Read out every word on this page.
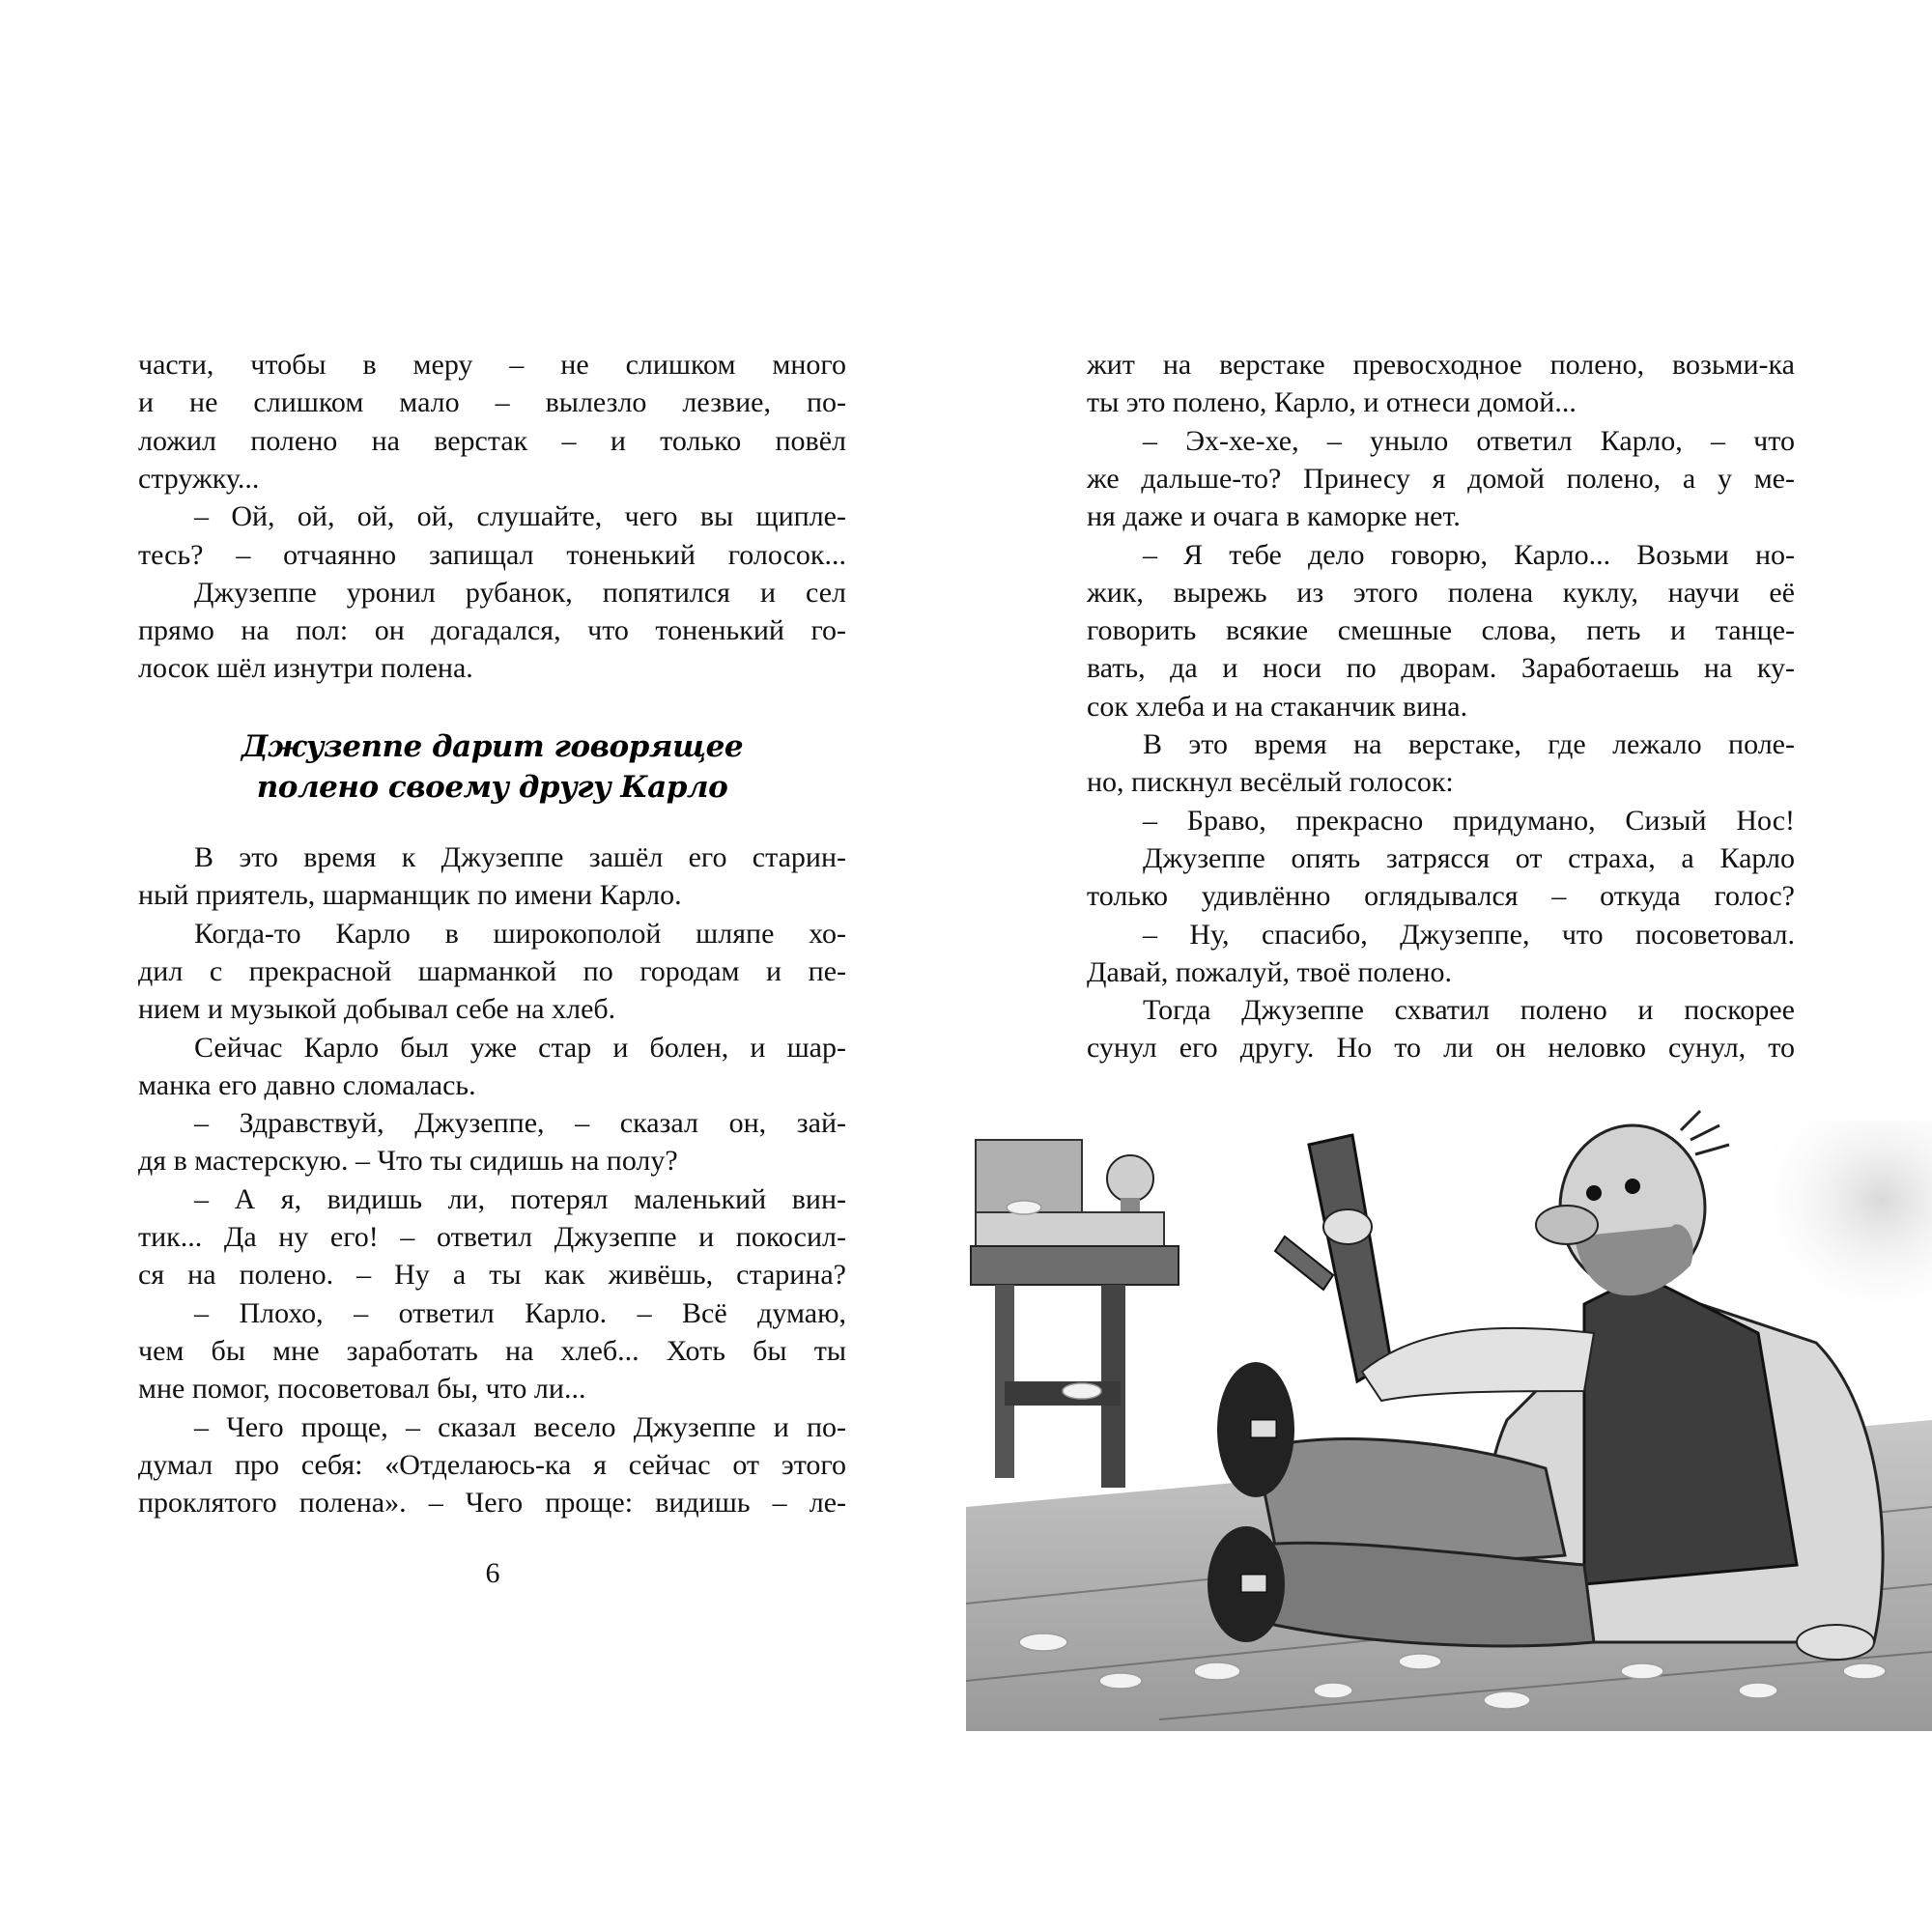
части, чтобы в меру – не слишком много
и не слишком мало – вылезло лезвие, по-
ложил полено на верстак – и только повёл
стружку...
– Ой, ой, ой, ой, слушайте, чего вы щипле-
тесь? – отчаянно запищал тоненький голосок...
Джузеппе уронил рубанок, попятился и сел
прямо на пол: он догадался, что тоненький го-
лосок шёл изнутри полена.
В это время к Джузеппе зашёл его старин-
ный приятель, шарманщик по имени Карло.
Когда-то Карло в широкополой шляпе хо-
дил с прекрасной шарманкой по городам и пе-
нием и музыкой добывал себе на хлеб.
Сейчас Карло был уже стар и болен, и шар-
манка его давно сломалась.
– Здравствуй, Джузеппе, – сказал он, зай-
дя в мастерскую. – Что ты сидишь на полу?
– А я, видишь ли, потерял маленький вин-
тик... Да ну его! – ответил Джузеппе и покосил-
ся на полено. – Ну а ты как живёшь, старина?
– Плохо, – ответил Карло. – Всё думаю,
чем бы мне заработать на хлеб... Хоть бы ты
мне помог, посоветовал бы, что ли...
– Чего проще, – сказал весело Джузеппе и по-
думал про себя: «Отделаюсь-ка я сейчас от этого
проклятого полена». – Чего проще: видишь – ле-
Джузеппе дарит говорящее
полено своему другу Карло
6
жит на верстаке превосходное полено, возьми-ка
ты это полено, Карло, и отнеси домой...
– Эх-хе-хе, – уныло ответил Карло, – что
же дальше-то? Принесу я домой полено, а у ме-
ня даже и очага в каморке нет.
– Я тебе дело говорю, Карло... Возьми но-
жик, вырежь из этого полена куклу, научи её
говорить всякие смешные слова, петь и танце-
вать, да и носи по дворам. Заработаешь на ку-
сок хлеба и на стаканчик вина.
В это время на верстаке, где лежало поле-
но, пискнул весёлый голосок:
– Браво, прекрасно придумано, Сизый Нос!
Джузеппе опять затрясся от страха, а Карло
только удивлённо оглядывался – откуда голос?
– Ну, спасибо, Джузеппе, что посоветовал.
Давай, пожалуй, твоё полено.
Тогда Джузеппе схватил полено и поскорее
сунул его другу. Но то ли он неловко сунул, то
